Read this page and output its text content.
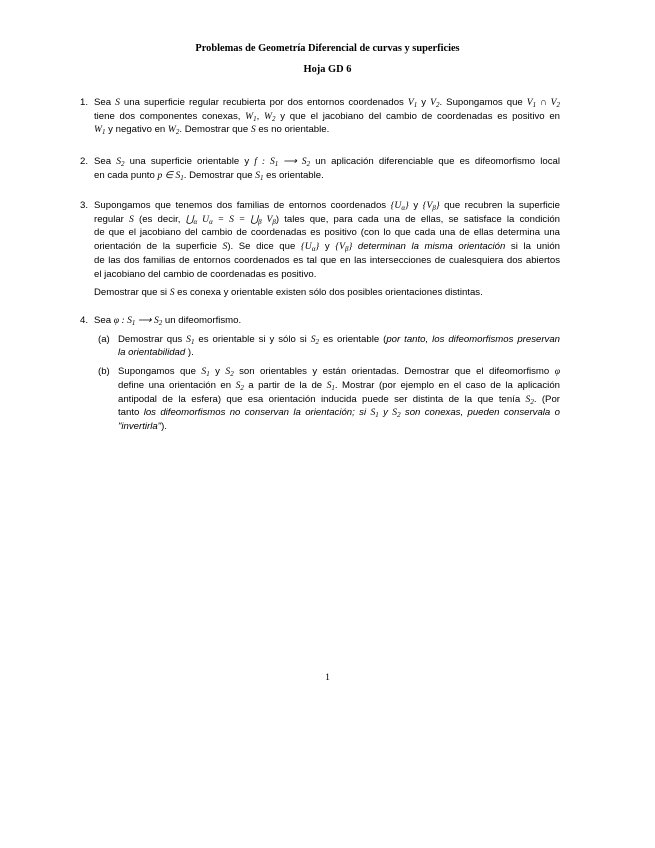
Problemas de Geometría Diferencial de curvas y superficies
Hoja GD 6
1. Sea S una superficie regular recubierta por dos entornos coordenados $V_1$ y $V_2$. Supongamos que $V_1$ ∩ $V_2$
tiene dos componentes conexas, $W_1$, $W_2$ y que el jacobiano del cambio de coordenadas es positivo en
$W_1$ y negativo en $W_2$. Demostrar que S es no orientable.
2. Sea $S_2$ una superficie orientable y f : $S_1$ ⟶ $S_2$ un aplicación diferenciable que es difeomorfismo local
en cada punto p ∈ $S_1$. Demostrar que $S_1$ es orientable.
3. Supongamos que tenemos dos familias de entornos coordenados $\{U_\alpha\}$ y $\{V_\beta\}$ que recubren la superficie
regular S (es decir, $⋃_\alpha$ $U_\alpha = S$ = $⋃_\beta$ $V_\beta$) tales que, para cada una de ellas, se satisface la condición
de que el jacobiano del cambio de coordenadas es positivo (con lo que cada una de ellas determina una
orientación de la superficie S). Se dice que $\{U_\alpha\}$ y $\{V_\beta\}$ determinan la misma orientación si la unión
de las dos familias de entornos coordenados es tal que en las intersecciones de cualesquiera dos abiertos
el jacobiano del cambio de coordenadas es positivo.
Demostrar que si S es conexa y orientable existen sólo dos posibles orientaciones distintas.
4. Sea φ : $S_1$ ⟶ $S_2$ un difeomorfismo.
(a) Demostrar qus $S_1$ es orientable si y sólo si $S_2$ es orientable (por tanto, los difeomorfismos preservan
la orientabilidad ).
(b) Supongamos que $S_1$ y $S_2$ son orientables y están orientadas. Demostrar que el difeomorfismo φ
define una orientación en $S_2$ a partir de la de $S_1$. Mostrar (por ejemplo en el caso de la aplicación
antipodal de la esfera) que esa orientación inducida puede ser distinta de la que tenía $S_2$. (Por
tanto los difeomorfismos no conservan la orientación; si $S_1$ y $S_2$ son conexas, pueden conservala o
"invertirla").
1
